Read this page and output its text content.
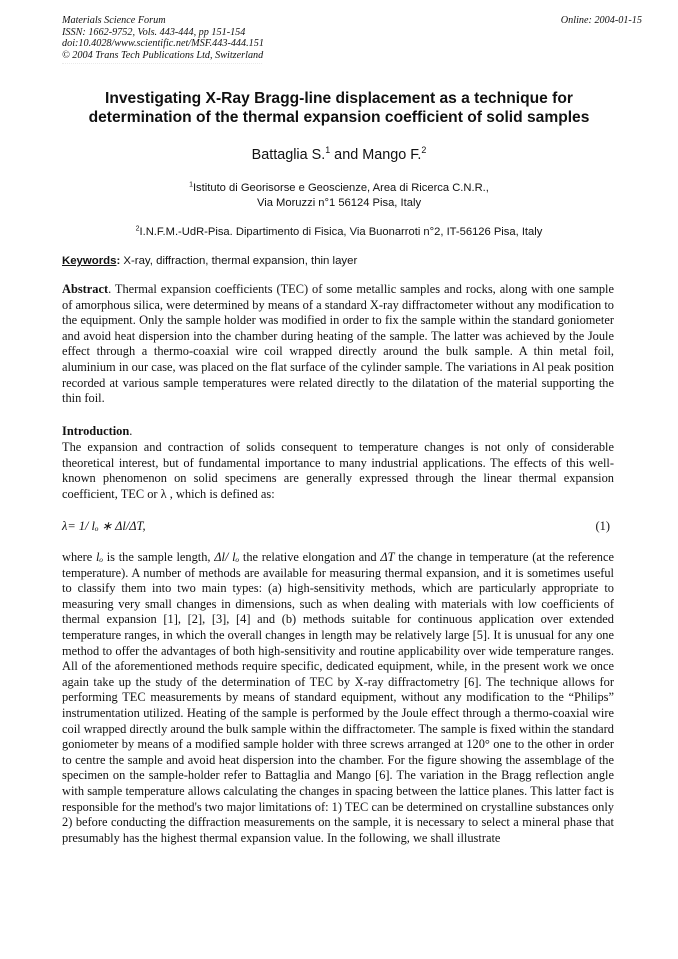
Materials Science Forum
ISSN: 1662-9752, Vols. 443-444, pp 151-154
doi:10.4028/www.scientific.net/MSF.443-444.151
© 2004 Trans Tech Publications Ltd, Switzerland
Online: 2004-01-15
Investigating X-Ray Bragg-line displacement as a technique for
determination of the thermal expansion coefficient of solid samples
Battaglia S.$^1$ and Mango F.$^2$
$^1$Istituto di Georisorse e Geoscienze, Area di Ricerca C.N.R.,
Via Moruzzi n°1 56124 Pisa, Italy
$^2$I.N.F.M.-UdR-Pisa. Dipartimento di Fisica, Via Buonarroti n°2, IT-56126 Pisa, Italy
Keywords: X-ray, diffraction, thermal expansion, thin layer
Abstract. Thermal expansion coefficients (TEC) of some metallic samples and rocks, along with one sample of amorphous silica, were determined by means of a standard X-ray diffractometer without any modification to the equipment. Only the sample holder was modified in order to fix the sample within the standard goniometer and avoid heat dispersion into the chamber during heating of the sample. The latter was achieved by the Joule effect through a thermo-coaxial wire coil wrapped directly around the bulk sample. A thin metal foil, aluminium in our case, was placed on the flat surface of the cylinder sample. The variations in Al peak position recorded at various sample temperatures were related directly to the dilatation of the material supporting the thin foil.
Introduction.
The expansion and contraction of solids consequent to temperature changes is not only of considerable theoretical interest, but of fundamental importance to many industrial applications. The effects of this well-known phenomenon on solid specimens are generally expressed through the linear thermal expansion coefficient, TEC or λ , which is defined as:
λ= 1/ lₒ ∗ Δl/ΔT,	(1)
where lₒ is the sample length, Δl/ lₒ the relative elongation and ΔT the change in temperature (at the reference temperature). A number of methods are available for measuring thermal expansion, and it is sometimes useful to classify them into two main types: (a) high-sensitivity methods, which are particularly appropriate to measuring very small changes in dimensions, such as when dealing with materials with low coefficients of thermal expansion [1], [2], [3], [4] and (b) methods suitable for continuous application over extended temperature ranges, in which the overall changes in length may be relatively large [5]. It is unusual for any one method to offer the advantages of both high-sensitivity and routine applicability over wide temperature ranges. All of the aforementioned methods require specific, dedicated equipment, while, in the present work we once again take up the study of the determination of TEC by X-ray diffractometry [6]. The technique allows for performing TEC measurements by means of standard equipment, without any modification to the “Philips” instrumentation utilized. Heating of the sample is performed by the Joule effect through a thermo-coaxial wire coil wrapped directly around the bulk sample within the diffractometer. The sample is fixed within the standard goniometer by means of a modified sample holder with three screws arranged at 120° one to the other in order to centre the sample and avoid heat dispersion into the chamber. For the figure showing the assemblage of the specimen on the sample-holder refer to Battaglia and Mango [6]. The variation in the Bragg reflection angle with sample temperature allows calculating the changes in spacing between the lattice planes. This latter fact is responsible for the method's two major limitations of: 1) TEC can be determined on crystalline substances only 2) before conducting the diffraction measurements on the sample, it is necessary to select a mineral phase that presumably has the highest thermal expansion value. In the following, we shall illustrate
